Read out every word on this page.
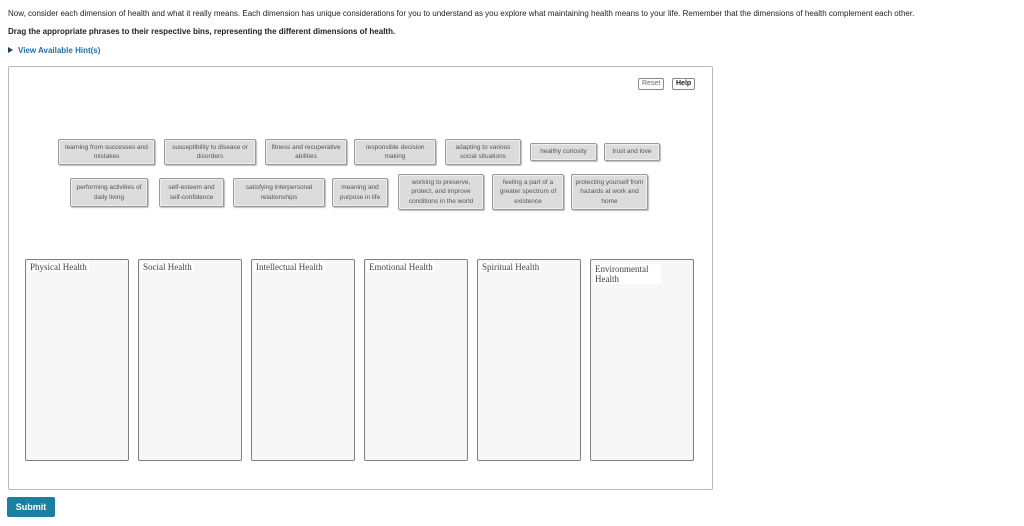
Now, consider each dimension of health and what it really means. Each dimension has unique considerations for you to understand as you explore what maintaining health means to your life. Remember that the dimensions of health complement each other.
Drag the appropriate phrases to their respective bins, representing the different dimensions of health.
View Available Hint(s)
Reset	Help
learning from successes and mistakes
susceptibility to disease or disorders
fitness and recuperative abilities
responsible decision making
adapting to various social situations
healthy curiosity	trust and love
performing activities of daily living
self-esteem and self-confidence
satisfying interpersonal relationships
meaning and purpose in life
working to preserve, protect, and improve conditions in the world
feeling a part of a greater spectrum of existence
protecting yourself from hazards at work and home
Physical Health	Social Health	Intellectual Health	Emotional Health	Spiritual Health	Environmental Health
Submit
